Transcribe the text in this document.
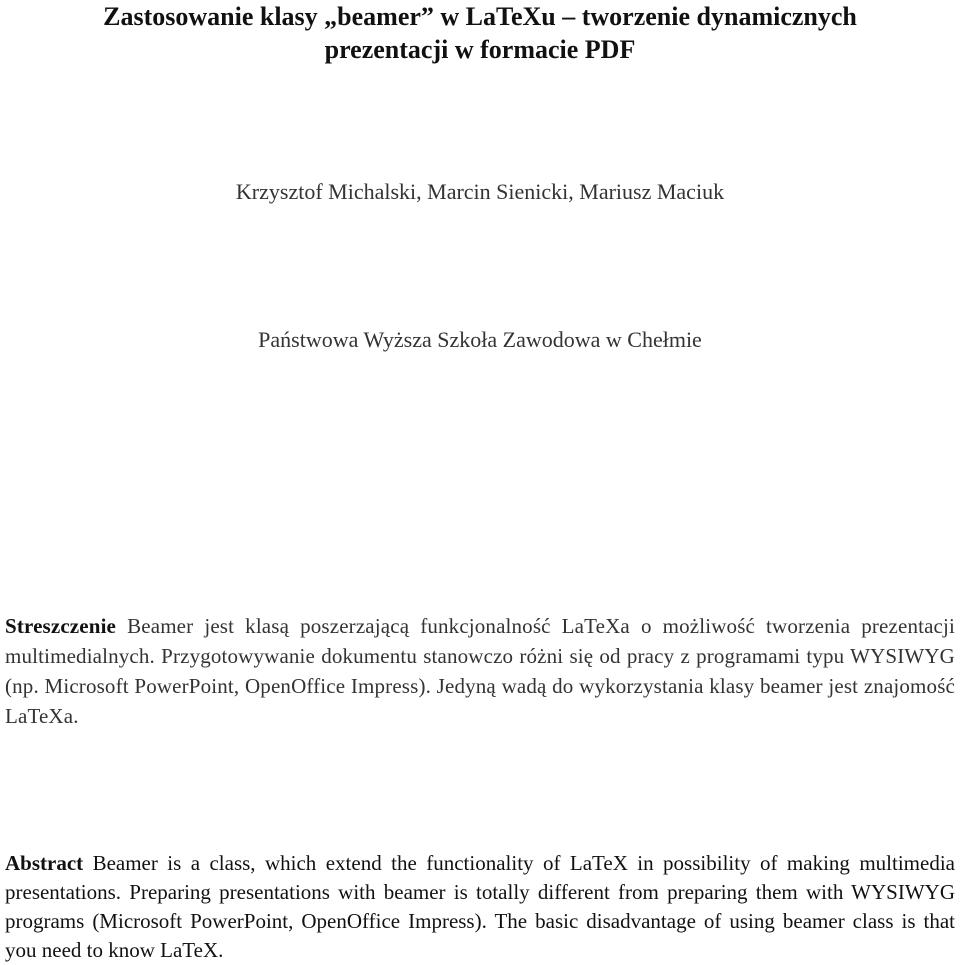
Zastosowanie klasy „beamer” w LaTeXu – tworzenie dynamicznych
prezentacji w formacie PDF
Krzysztof Michalski, Marcin Sienicki, Mariusz Maciuk
Państwowa Wyższa Szkoła Zawodowa w Chełmie
Streszczenie Beamer jest klasą poszerzającą funkcjonalność LaTeXa o możliwość tworzenia prezentacji multimedialnych. Przygotowywanie dokumentu stanowczo różni się od pracy z programami typu WYSIWYG (np. Microsoft PowerPoint, OpenOffice Impress). Jedyną wadą do wykorzystania klasy beamer jest znajomość LaTeXa.
Abstract Beamer is a class, which extend the functionality of LaTeX in possibility of making multimedia presentations. Preparing presentations with beamer is totally different from preparing them with WYSIWYG programs (Microsoft PowerPoint, OpenOffice Impress). The basic disadvantage of using beamer class is that you need to know LaTeX.
